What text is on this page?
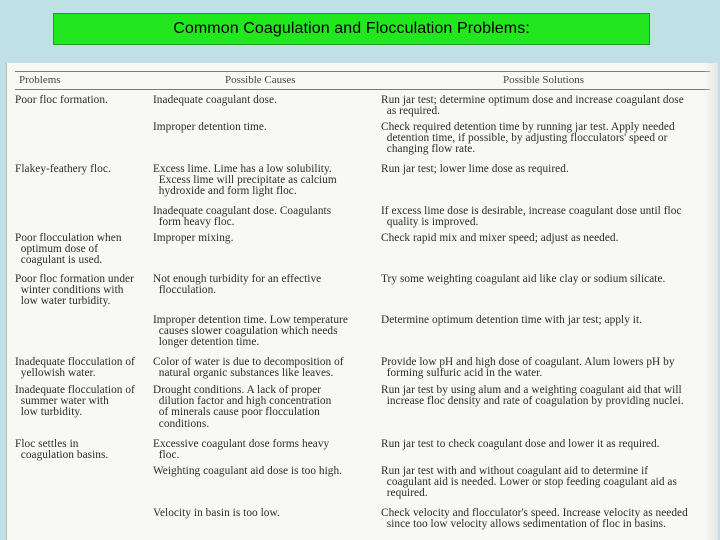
Common Coagulation and Flocculation Problems :
Problems	Possible Causes	Possible Solutions
Poor floc formation.
Flakey-feathery floc.
Poor flocculation when
optimum dose of
coagulant is used.
Poor floc formation under
winter conditions with
low water turbidity.
Inadequate flocculation of
yellowish water.
Inadequate flocculation of
summer water with
low turbidity.
Floc settles in
coagulation basins.
Inadequate coagulant dose.
Improper detention time.
Excess lime. Lime has a low solubility.
Excess lime will precipitate as calcium
hydroxide and form light floc.
Inadequate coagulant dose. Coagulants
form heavy floc.
Improper mixing.
Not enough turbidity for an effective
flocculation.
Improper detention time. Low temperature
causes slower coagulation which needs
longer detention time.
Color of water is due to decomposition of
natural organic substances like leaves.
Drought conditions. A lack of proper
dilution factor and high concentration
of minerals cause poor flocculation
conditions.
Excessive coagulant dose forms heavy
floc.
Weighting coagulant aid dose is too high.
Velocity in basin is too low.
Run jar test; determine optimum dose and increase coagulant dose
as required.
Check required detention time by running jar test. Apply needed
detention time, if possible, by adjusting flocculators' speed or
changing flow rate.
Run jar test; lower lime dose as required.
If excess lime dose is desirable, increase coagulant dose until floc
quality is improved.
Check rapid mix and mixer speed; adjust as needed.
Try some weighting coagulant aid like clay or sodium silicate.
Determine optimum detention time with jar test; apply it.
Provide low pH and high dose of coagulant. Alum lowers pH by
forming sulfuric acid in the water.
Run jar test by using alum and a weighting coagulant aid that will
increase floc density and rate of coagulation by providing nuclei.
Run jar test to check coagulant dose and lower it as required.
Run jar test with and without coagulant aid to determine if
coagulant aid is needed. Lower or stop feeding coagulant aid as
required.
Check velocity and flocculator's speed. Increase velocity as needed
since too low velocity allows sedimentation of floc in basins.
